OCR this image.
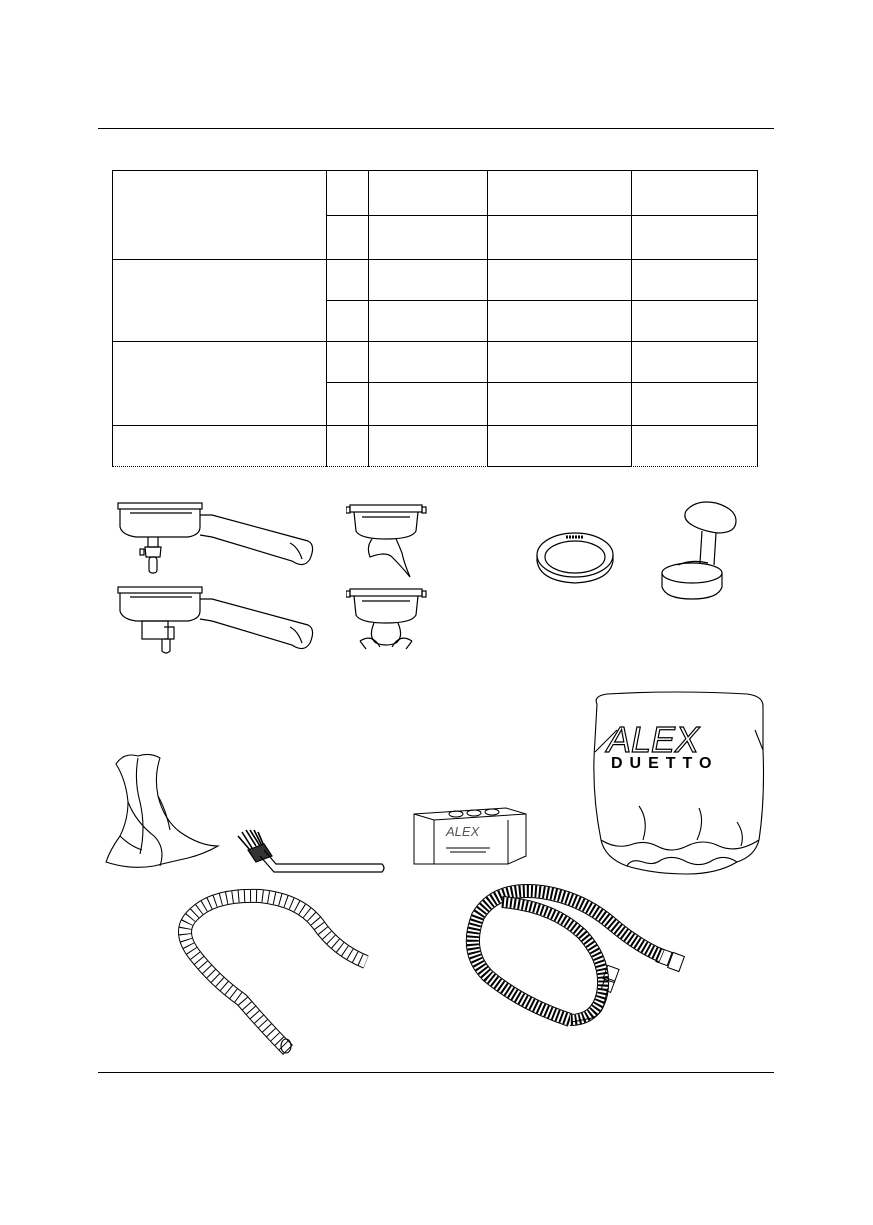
ALEX
ALEX
DUETTO
